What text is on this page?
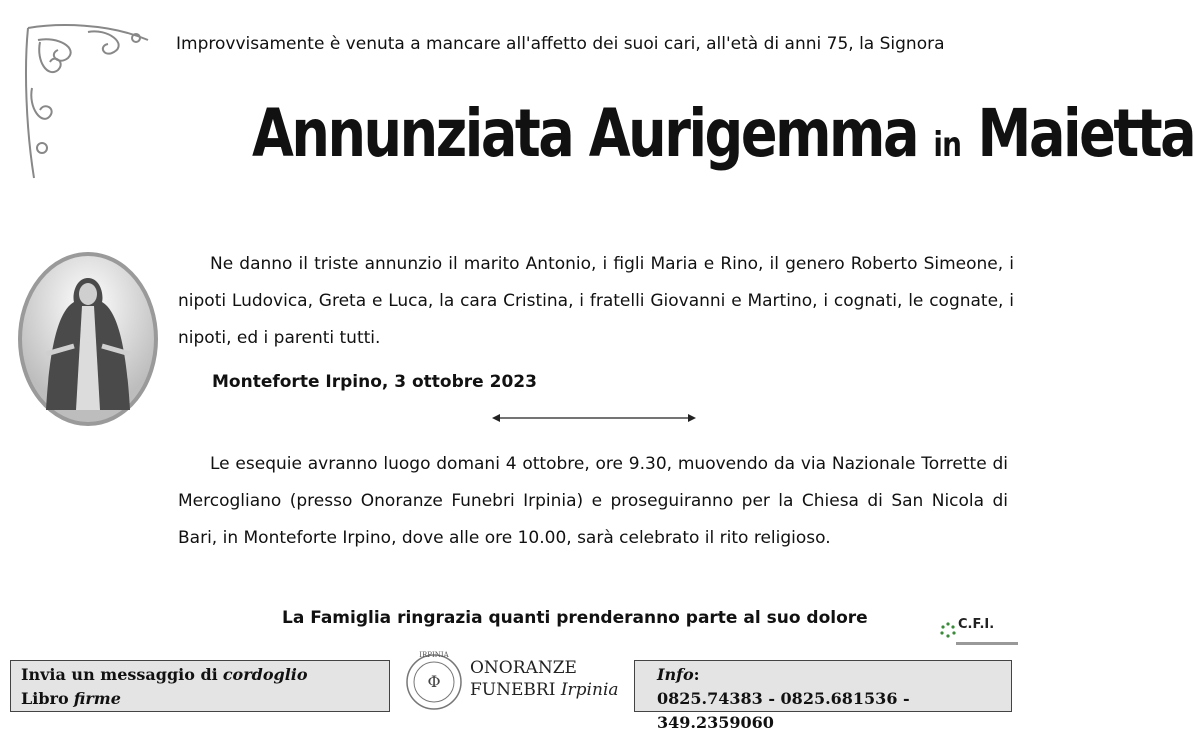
Improvvisamente è venuta a mancare all'affetto dei suoi cari, all'età di anni 75, la Signora
Annunziata Aurigemma in Maietta
Ne danno il triste annunzio il marito Antonio, i figli Maria e Rino, il genero Roberto Simeone, i nipoti Ludovica, Greta e Luca, la cara Cristina, i fratelli Giovanni e Martino, i cognati, le cognate, i nipoti, ed i parenti tutti.
Monteforte Irpino, 3 ottobre 2023
Le esequie avranno luogo domani 4 ottobre, ore 9.30, muovendo da via Nazionale Torrette di Mercogliano (presso Onoranze Funebri Irpinia) e proseguiranno per la Chiesa di San Nicola di Bari, in Monteforte Irpino, dove alle ore 10.00, sarà celebrato il rito religioso.
La Famiglia ringrazia quanti prenderanno parte al suo dolore	C.F.I.
Invia un messaggio di cordoglio
Libro firme
Φ
IRPINIA
ONORANZE
FUNEBRI Irpinia
Info:
0825.74383 - 0825.681536 - 349.2359060
